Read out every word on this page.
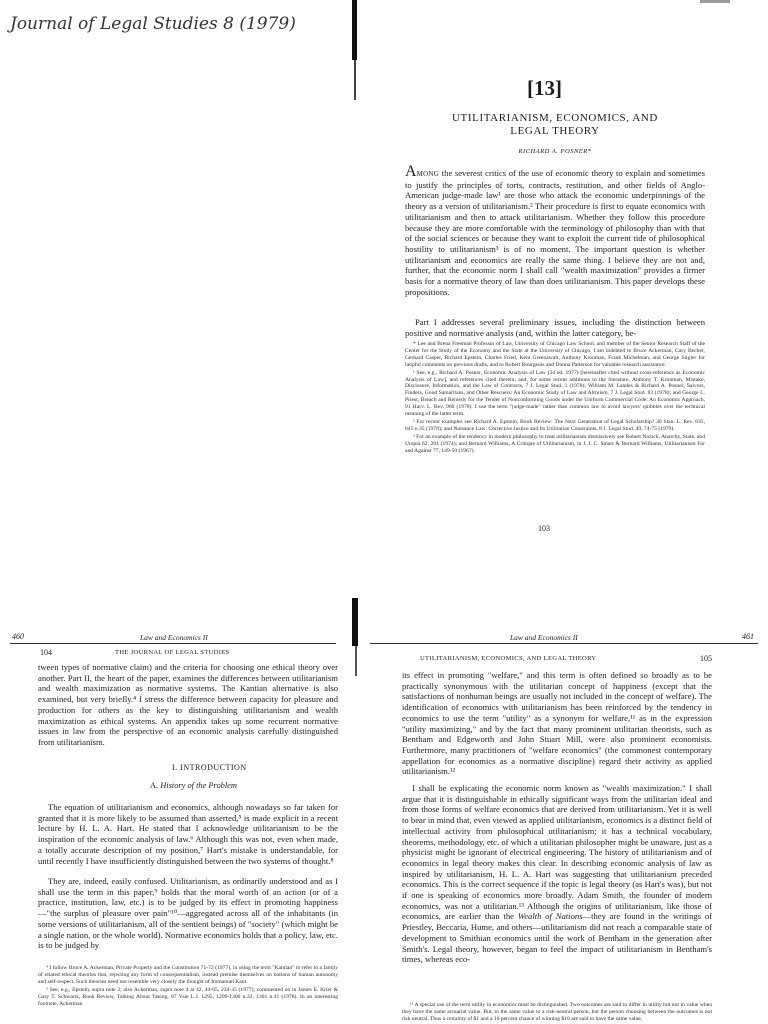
Journal of Legal Studies 8 (1979)
[13]
UTILITARIANISM, ECONOMICS, AND
LEGAL THEORY
RICHARD A. POSNER*

AMONG the severest critics of the use of economic theory to explain and sometimes to justify the principles of torts, contracts, restitution, and other fields of Anglo-American judge-made law¹ are those who attack the economic underpinnings of the theory as a version of utilitarianism.² Their procedure is first to equate economics with utilitarianism and then to attack utilitarianism. Whether they follow this procedure because they are more comfortable with the terminology of philosophy than with that of the social sciences or because they want to exploit the current tide of philosophical hostility to utilitarianism³ is of no moment. The important question is whether utilitarianism and economics are really the same thing. I believe they are not and, further, that the economic norm I shall call "wealth maximization" provides a firmer basis for a normative theory of law than does utilitarianism. This paper develops these propositions.

Part I addresses several preliminary issues, including the distinction between positive and normative analysis (and, within the latter category, be-

* Lee and Brena Freeman Professor of Law, University of Chicago Law School, and member of the Senior Research Staff of the Center for the Study of the Economy and the State at the University of Chicago. I am indebted to Bruce Ackerman, Gary Becker, Gerhard Casper, Richard Epstein, Charles Fried, Kent Greenawalt, Anthony Kronman, Frank Michelman, and George Stigler for helpful comments on previous drafts, and to Robert Bourgeois and Donna Patterson for valuable research assistance.

¹ See, e.g., Richard A. Posner, Economic Analysis of Law (2d ed. 1977) [hereinafter cited without cross-reference as Economic Analysis of Law], and references cited therein; and, for some recent additions to the literature, Anthony T. Kronman, Mistake, Disclosure, Information, and the Law of Contracts, 7 J. Legal Stud. 1 (1978); William M. Landes & Richard A. Posner, Salvors, Finders, Good Samaritans, and Other Rescuers: An Economic Study of Law and Altruism, 7 J. Legal Stud. 83 (1978); and George L. Priest, Breach and Remedy for the Tender of Nonconforming Goods under the Uniform Commercial Code: An Economic Approach, 91 Harv. L. Rev. 960 (1978). I use the term "judge-made" rather than common law to avoid lawyers' quibbles over the technical meaning of the latter term.

² For recent examples see Richard A. Epstein, Book Review: The Next Generation of Legal Scholarship? 30 Stan. L. Rev. 635, 645 n.35 (1978); and Nuisance Law: Corrective Justice and Its Utilitarian Constraints, 8 J. Legal Stud. 49, 74-75 (1979).

³ For an example of the tendency in modern philosophy to treat utilitarianism dismissively see Robert Nozick, Anarchy, State, and Utopia 62, 201 (1974); and Bernard Williams, A Critique of Utilitarianism, in J. J. C. Smart & Bernard Williams, Utilitarianism For and Against 77, 149-50 (1967).

103
460	Law and Economics II
104	THE JOURNAL OF LEGAL STUDIES

tween types of normative claim) and the criteria for choosing one ethical theory over another. Part II, the heart of the paper, examines the differences between utilitarianism and wealth maximization as normative systems. The Kantian alternative is also examined, but very briefly.⁴ I stress the difference between capacity for pleasure and production for others as the key to distinguishing utilitarianism and wealth maximization as ethical systems. An appendix takes up some recurrent normative issues in law from the perspective of an economic analysis carefully distinguished from utilitarianism.

I. INTRODUCTION
A. History of the Problem

The equation of utilitarianism and economics, although nowadays so far taken for granted that it is more likely to be assumed than asserted,⁵ is made explicit in a recent lecture by H. L. A. Hart. He stated that I acknowledge utilitarianism to be the inspiration of the economic analysis of law.⁶ Although this was not, even when made, a totally accurate description of my position,⁷ Hart's mistake is understandable, for until recently I have insufficiently distinguished between the two systems of thought.⁸

They are, indeed, easily confused. Utilitarianism, as ordinarily understood and as I shall use the term in this paper,⁹ holds that the moral worth of an action (or of a practice, institution, law, etc.) is to be judged by its effect in promoting happiness—"the surplus of pleasure over pain"¹⁰—aggregated across all of the inhabitants (in some versions of utilitarianism, all of the sentient beings) of "society" (which might be a single nation, or the whole world). Normative economics holds that a policy, law, etc. is to be judged by

⁴ I follow Bruce A. Ackerman, Private Property and the Constitution 71-72 (1977), in using the term "Kantian" to refer to a family of related ethical theories that, rejecting any form of consequentialism, instead premise themselves on notions of human autonomy and self-respect. Such theories need not resemble very closely the thought of Immanuel Kant.

⁵ See, e.g., Epstein, supra note 2; also Ackerman, supra note 4 at 42, 44-65, 234-35 (1977); commented on in James E. Krier & Gary T. Schwartz, Book Review, Talking About Taking, 87 Yale L.J. 1295, 1299-1300 n.32, 1301 n.41 (1978). In an interesting footnote, Ackerman

Law and Economics II	461
UTILITARIANISM, ECONOMICS, AND LEGAL THEORY	105

its effect in promoting "welfare," and this term is often defined so broadly as to be practically synonymous with the utilitarian concept of happiness (except that the satisfactions of nonhuman beings are usually not included in the concept of welfare). The identification of economics with utilitarianism has been reinforced by the tendency in economics to use the term "utility" as a synonym for welfare,¹¹ as in the expression "utility maximizing," and by the fact that many prominent utilitarian theorists, such as Bentham and Edgeworth and John Stuart Mill, were also prominent economists. Furthermore, many practitioners of "welfare economics" (the commonest contemporary appellation for economics as a normative discipline) regard their activity as applied utilitarianism.¹²

I shall be explicating the economic norm known as "wealth maximization." I shall argue that it is distinguishable in ethically significant ways from the utilitarian ideal and from those forms of welfare economics that are derived from utilitarianism. Yet it is well to bear in mind that, even viewed as applied utilitarianism, economics is a distinct field of intellectual activity from philosophical utilitarianism; it has a technical vocabulary, theorems, methodology, etc. of which a utilitarian philosopher might be unaware, just as a physicist might be ignorant of electrical engineering. The history of utilitarianism and of economics in legal theory makes this clear. In describing economic analysis of law as inspired by utilitarianism, H. L. A. Hart was suggesting that utilitarianism preceded economics. This is the correct sequence if the topic is legal theory (as Hart's was), but not if one is speaking of economics more broadly. Adam Smith, the founder of modern economics, was not a utilitarian.¹³ Although the origins of utilitarianism, like those of economics, are earlier than the Wealth of Nations—they are found in the writings of Priestley, Beccaria, Hume, and others—utilitarianism did not reach a comparable state of development to Smithian economics until the work of Bentham in the generation after Smith's. Legal theory, however, began to feel the impact of utilitarianism in Bentham's times, whereas eco-

¹¹ A special use of the term utility in economics must be distinguished. Two outcomes are said to differ in utility but not in value when they have the same actuarial value. But, to the same value to a risk-neutral person, but the person choosing between the outcomes is not risk neutral. Thus a certainty of $1 and a 10 percent chance of winning $10 are said to have the same value,
